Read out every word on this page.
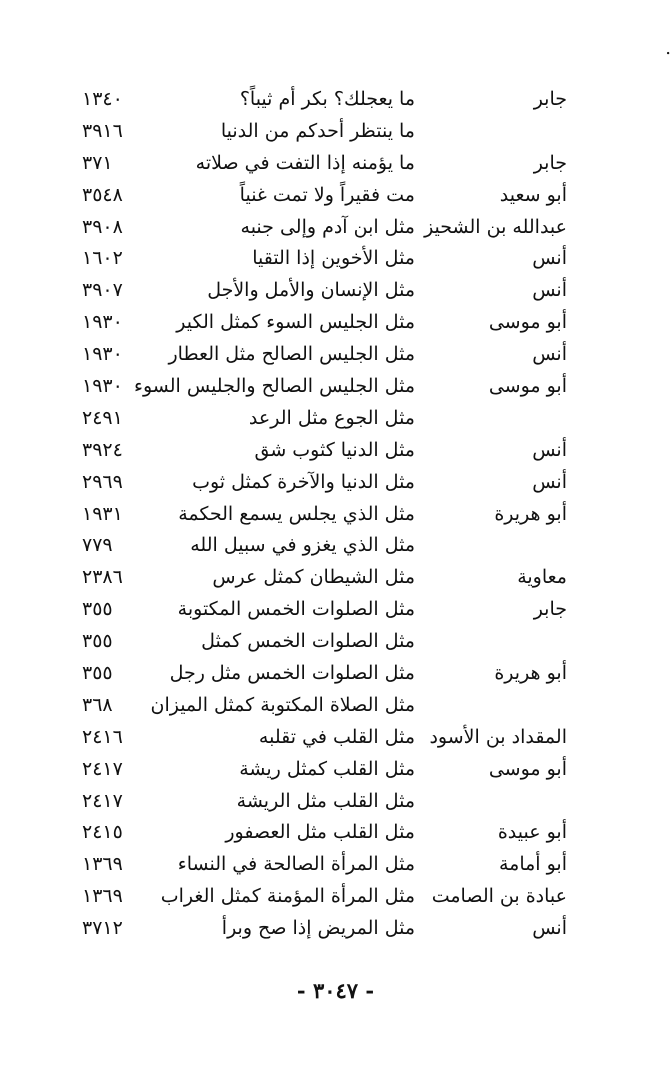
.
جابر
ما يعجلك؟ بكر أم ثيباً؟
١٣٤٠
ما ينتظر أحدكم من الدنيا
٣٩١٦
جابر
ما يؤمنه إذا التفت في صلاته
٣٧١
أبو سعيد
مت فقيراً ولا تمت غنياً
٣٥٤٨
عبدالله بن الشحيز
مثل ابن آدم وإلى جنبه
٣٩٠٨
أنس
مثل الأخوين إذا التقيا
١٦٠٢
أنس
مثل الإنسان والأمل والأجل
٣٩٠٧
أبو موسى
مثل الجليس السوء كمثل الكير
١٩٣٠
أنس
مثل الجليس الصالح مثل العطار
١٩٣٠
أبو موسى
مثل الجليس الصالح والجليس السوء
١٩٣٠
مثل الجوع مثل الرعد
٢٤٩١
أنس
مثل الدنيا كثوب شق
٣٩٢٤
أنس
مثل الدنيا والآخرة كمثل ثوب
٢٩٦٩
أبو هريرة
مثل الذي يجلس يسمع الحكمة
١٩٣١
مثل الذي يغزو في سبيل الله
٧٧٩
معاوية
مثل الشيطان كمثل عرس
٢٣٨٦
جابر
مثل الصلوات الخمس المكتوبة
٣٥٥
مثل الصلوات الخمس كمثل
٣٥٥
أبو هريرة
مثل الصلوات الخمس مثل رجل
٣٥٥
مثل الصلاة المكتوبة كمثل الميزان
٣٦٨
المقداد بن الأسود
مثل القلب في تقلبه
٢٤١٦
أبو موسى
مثل القلب كمثل ريشة
٢٤١٧
مثل القلب مثل الريشة
٢٤١٧
أبو عبيدة
مثل القلب مثل العصفور
٢٤١٥
أبو أمامة
مثل المرأة الصالحة في النساء
١٣٦٩
عبادة بن الصامت
مثل المرأة المؤمنة كمثل الغراب
١٣٦٩
أنس
مثل المريض إذا صح وبرأ
٣٧١٢
- ٣٠٤٧ -
